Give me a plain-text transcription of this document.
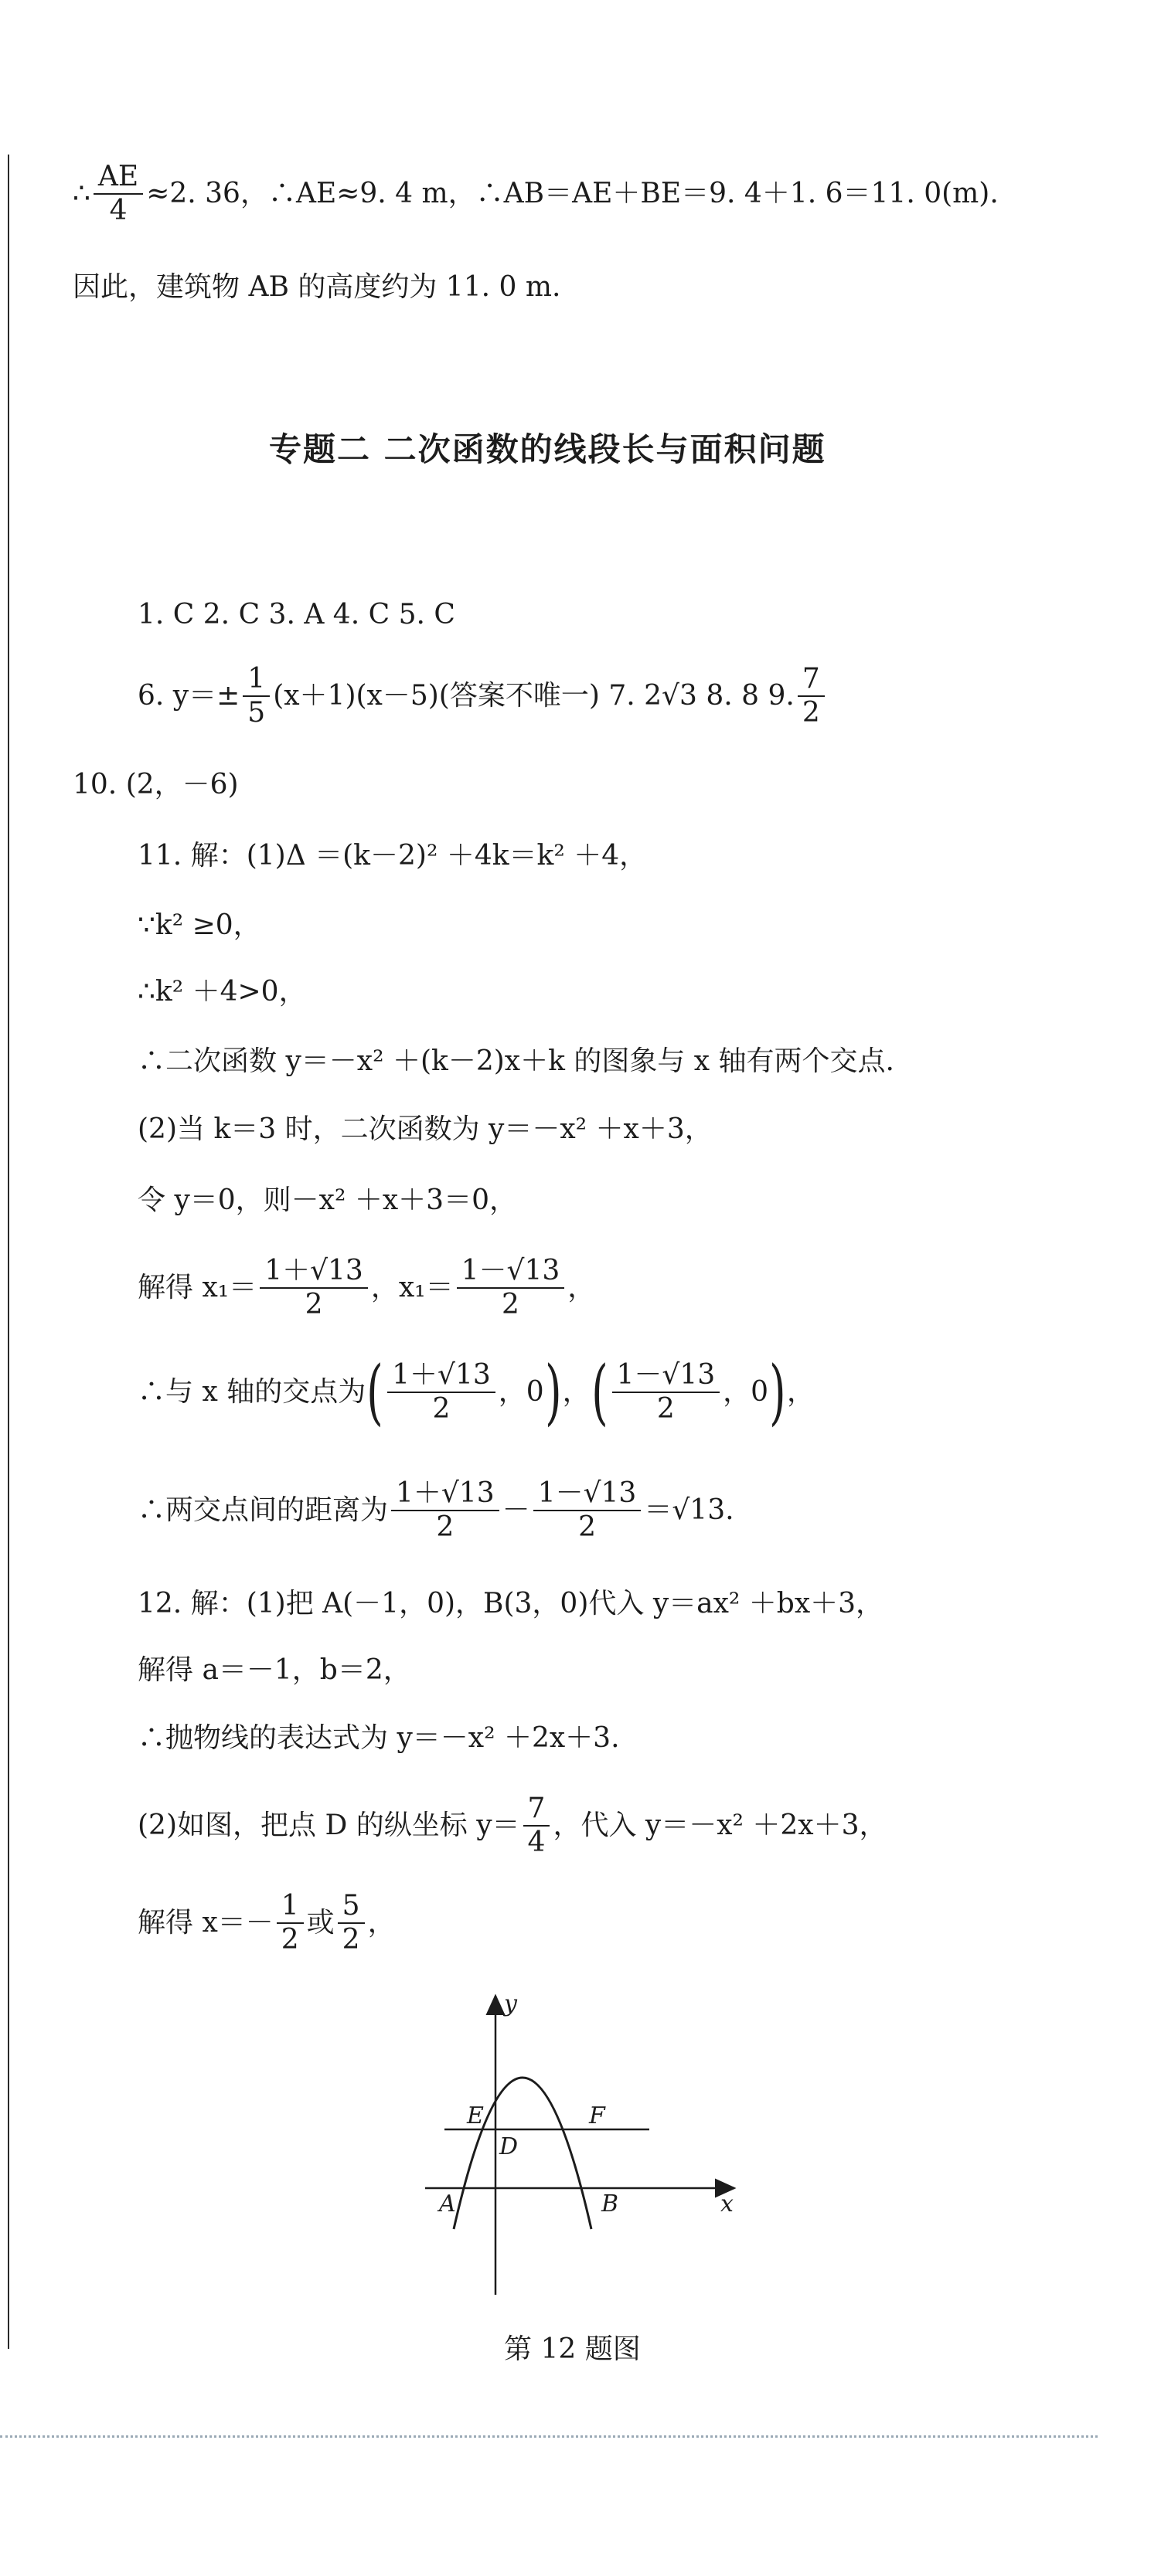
∴ $\frac{AE}{4} \approx 2$. 36，∴AE≈9. 4 m，∴AB＝AE＋BE＝9. 4＋1. 6＝11. 0(m).
因此，建筑物 AB 的高度约为 11. 0 m.
专题二 二次函数的线段长与面积问题
1. C 2. C 3. A 4. C 5. C
6. $y=\pm \frac{1}{5} (x+1)(x-5)$(答案不唯一) 7. 2√3 8. 8 9. $\frac{7}{2}$
10. (2，－6)
11. 解：(1)Δ ＝(k－2)² ＋4k＝k² ＋4，
∵k² ≥0，
∴k² ＋4>0，
∴二次函数 y＝－x² ＋(k－2)x＋k 的图象与 x 轴有两个交点.
(2)当 k＝3 时，二次函数为 y＝－x² ＋x＋3，
令 y＝0，则－x² ＋x＋3＝0，
解得 $x_1= \frac{1+√13}{2}$ ，$x_1= \frac{1-√13}{2}$ ，
∴与 x 轴的交点为 ( $\frac{1+√13}{2}$ ，0 ) ， ( $\frac{1-√13}{2}$ ，0 ) ，
∴两交点间的距离为 $\frac{1+√13}{2} - \frac{1-√13}{2} =√13$.
12. 解：(1)把 A(－1，0)，B(3，0)代入 y＝ax² ＋bx＋3，
解得 a＝－1，b＝2，
∴抛物线的表达式为 y＝－x² ＋2x＋3.
(2)如图，把点 D 的纵坐标 $y= \frac{7}{4}$ ，代入 y＝－x² ＋2x＋3，
解得 $x=- \frac{1}{2}$ 或 $\frac{5}{2}$ ，
y
x
E	F
D
A	B
第 12 题图
